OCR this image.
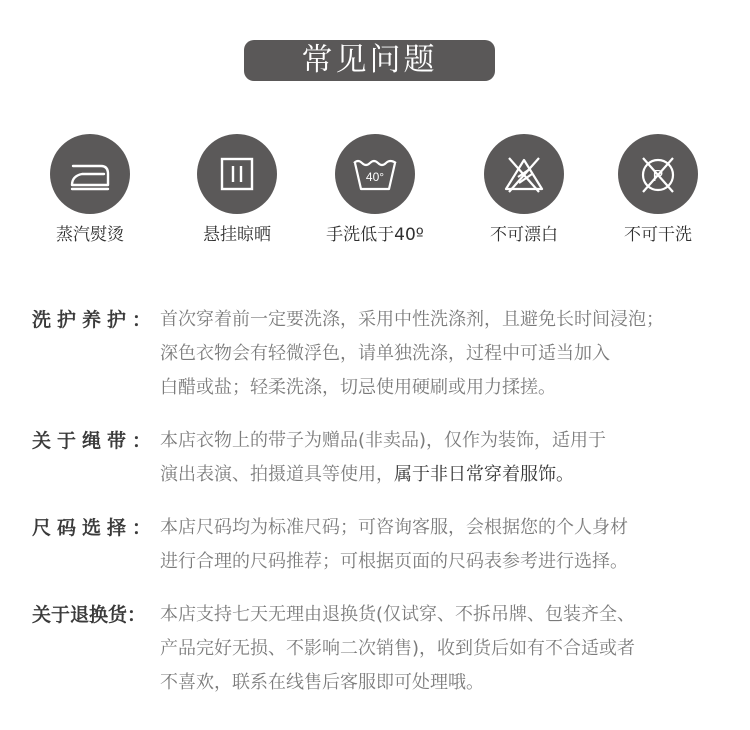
常见问题
蒸汽熨烫	悬挂晾晒
40°
手洗低于40º	不可漂白
P
不可干洗
洗护养护： 首次穿着前一定要洗涤，采用中性洗涤剂，且避免长时间浸泡；
深色衣物会有轻微浮色，请单独洗涤，过程中可适当加入
白醋或盐；轻柔洗涤，切忌使用硬刷或用力揉搓。
关于绳带： 本店衣物上的带子为赠品(非卖品)，仅作为装饰，适用于
演出表演、拍摄道具等使用，属于非日常穿着服饰。
尺码选择： 本店尺码均为标准尺码；可咨询客服，会根据您的个人身材
进行合理的尺码推荐；可根据页面的尺码表参考进行选择。
关于退换货： 本店支持七天无理由退换货(仅试穿、不拆吊牌、包装齐全、
产品完好无损、不影响二次销售)，收到货后如有不合适或者
不喜欢，联系在线售后客服即可处理哦。
